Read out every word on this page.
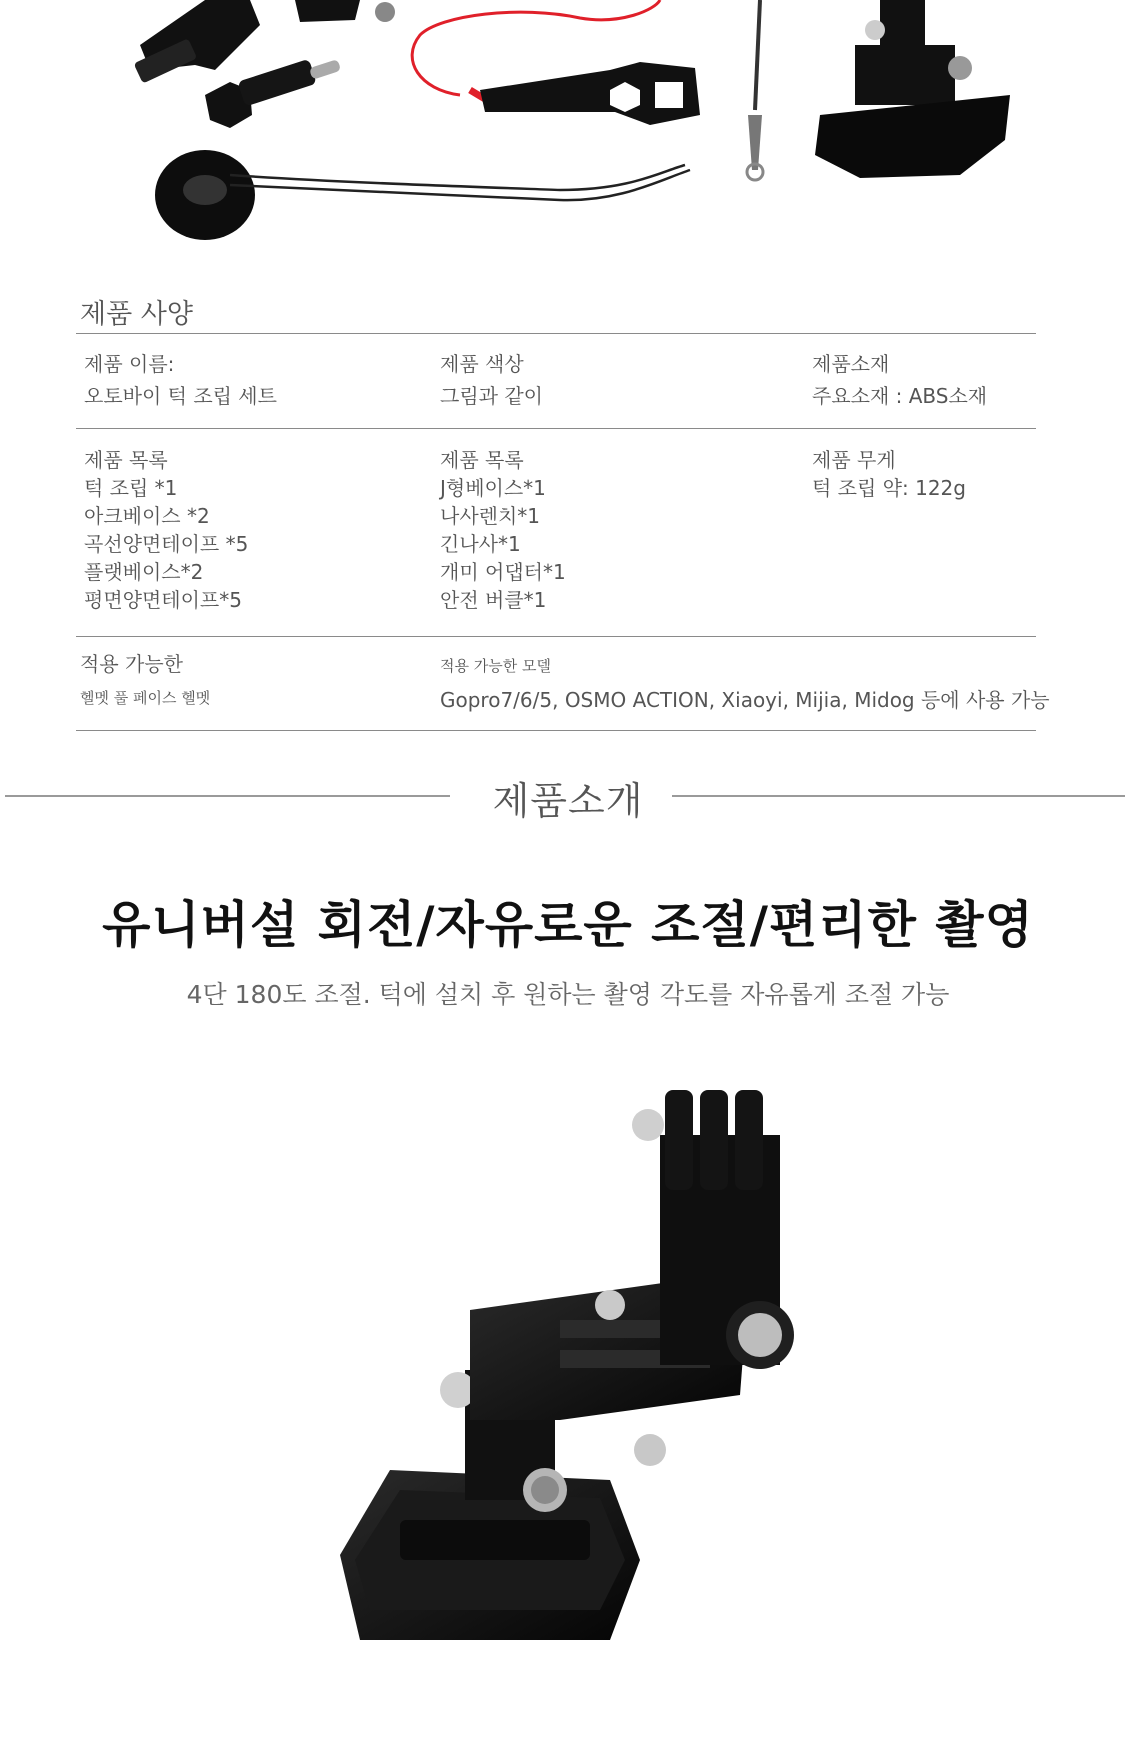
제품 사양
제품 이름:
오토바이 턱 조립 세트
제품 색상
그림과 같이
제품소재
주요소재 : ABS소재
제품 목록
턱 조립 *1
아크베이스 *2
곡선양면테이프 *5
플랫베이스*2
평면양면테이프*5
제품 목록
J형베이스*1
나사렌치*1
긴나사*1
개미 어댑터*1
안전 버클*1
제품 무게
턱 조립 약: 122g
적용 가능한
헬멧 풀 페이스 헬멧
적용 가능한 모델
Gopro7/6/5, OSMO ACTION, Xiaoyi, Mijia, Midog 등에 사용 가능
제품소개
유니버설 회전/자유로운 조절/편리한 촬영
4단 180도 조절. 턱에 설치 후 원하는 촬영 각도를 자유롭게 조절 가능
